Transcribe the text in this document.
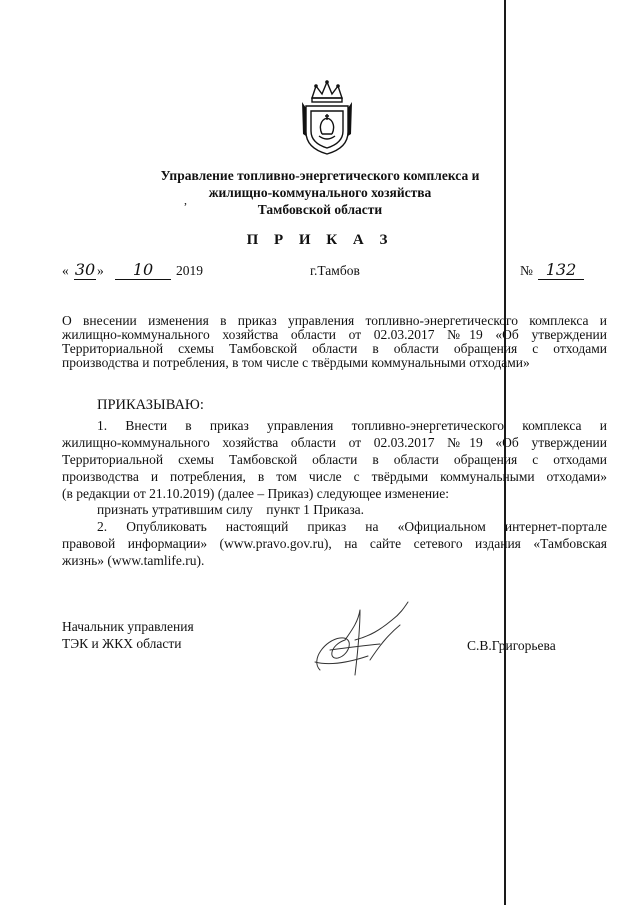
Управление топливно-энергетического комплекса и
жилищно-коммунального хозяйства
Тамбовской области
,
П Р И К А З
« 30 »	10	2019	г.Тамбов	№ 132
О внесении изменения в приказ управления топливно-энергетического комплекса и
жилищно-коммунального хозяйства области от 02.03.2017 №19 «Об утверждении
Территориальной схемы Тамбовской области в области обращения с отходами
производства и потребления, в том числе с твёрдыми коммунальными отходами»
ПРИКАЗЫВАЮ:
1. Внести в приказ управления топливно-энергетического комплекса и
жилищно-коммунального хозяйства области от 02.03.2017 №19 «Об утверждении
Территориальной схемы Тамбовской области в области обращения с отходами
производства и потребления, в том числе с твёрдыми коммунальными отходами»
(в редакции от 21.10.2019) (далее – Приказ) следующее изменение:
признать утратившим силу    пункт 1 Приказа.
2. Опубликовать настоящий приказ на «Официальном интернет-портале
правовой информации» (www.pravo.gov.ru), на сайте сетевого издания «Тамбовская
жизнь» (www.tamlife.ru).
Начальник управления
ТЭК и ЖКХ области	С.В.Григорьева
